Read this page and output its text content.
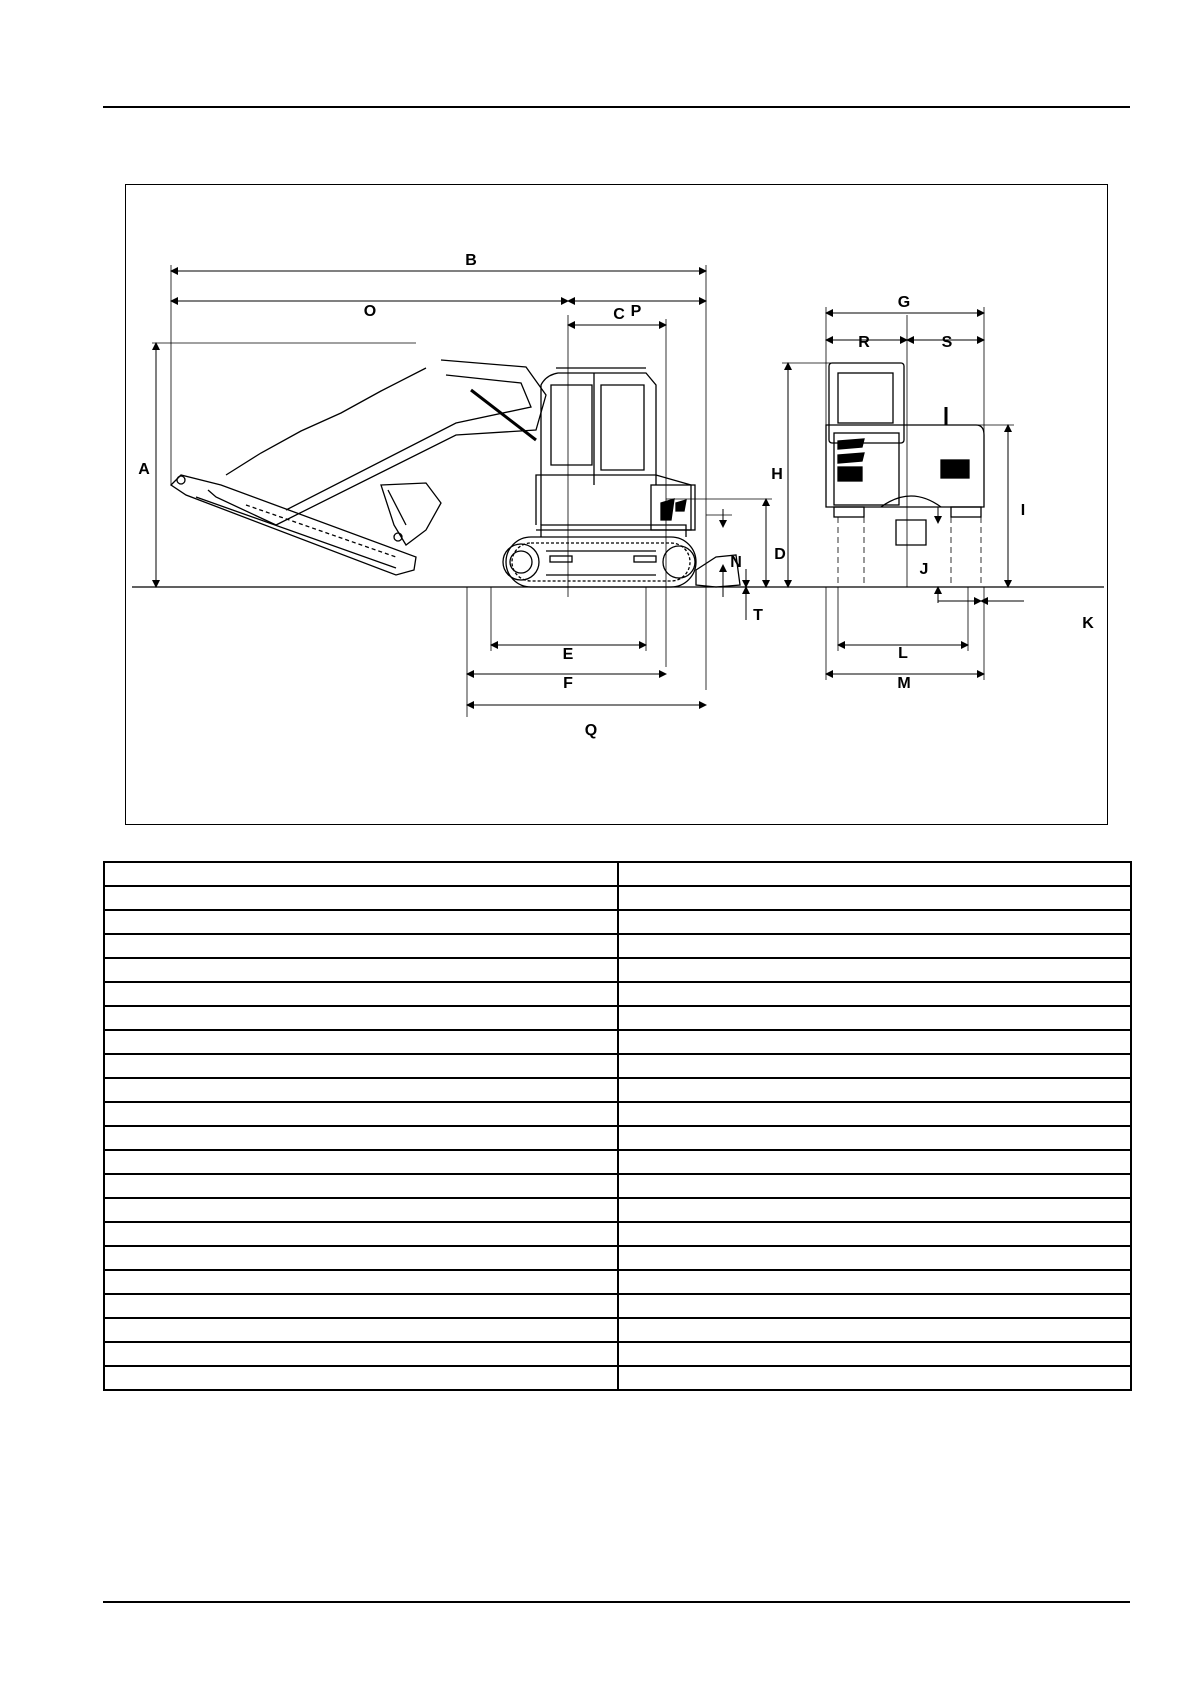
A
B
C
D
E
F
G
H
I
J
K
L
M
N
O	P
Q
R	S
T
